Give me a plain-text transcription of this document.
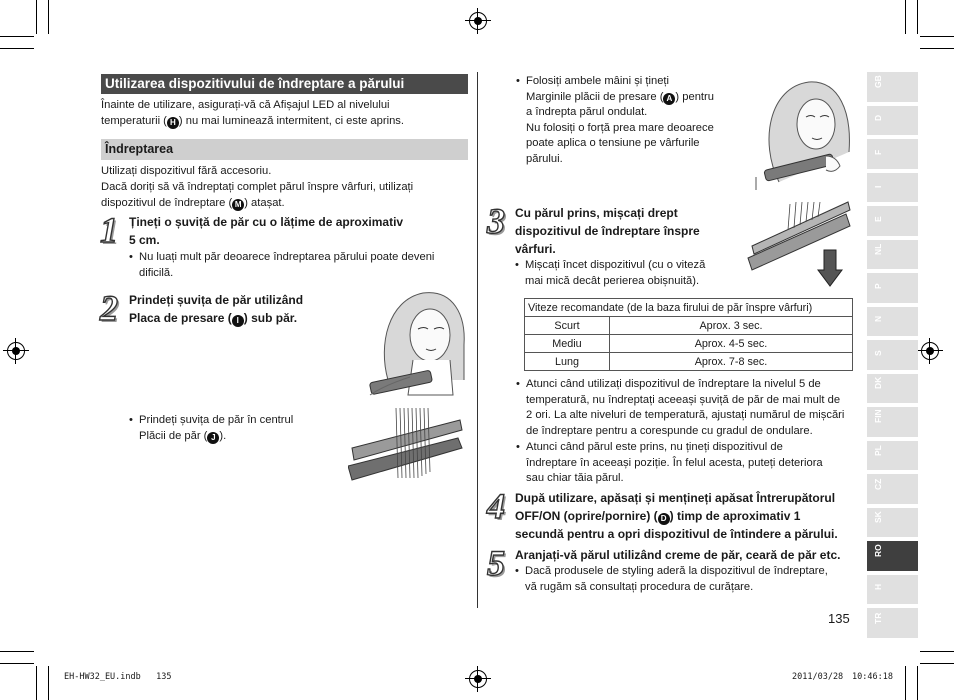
Utilizarea dispozitivului de îndreptare a părului
Înainte de utilizare, asigurați-vă că Afișajul LED al nivelului
temperaturii ( H ) nu mai luminează intermitent, ci este aprins.
Îndreptarea
Utilizați dispozitivul fără accesoriu.
Dacă doriți să vă îndreptați complet părul înspre vârfuri, utilizați
dispozitivul de îndreptare ( M ) atașat.
1 Țineți o șuviță de păr cu o lățime de aproximativ
5 cm.
• Nu luați mult păr deoarece îndreptarea părului poate deveni
dificilă.
2 Prindeți șuvița de păr utilizând
Placa de presare ( I ) sub păr.
• Prindeți șuvița de păr în centrul
Plăcii de păr ( J ).
• Folosiți ambele mâini și țineți
Marginile plăcii de presare ( A ) pentru
a îndrepta părul ondulat.
Nu folosiți o forță prea mare deoarece
poate aplica o tensiune pe vârfurile
părului.
3 Cu părul prins, mișcați drept
dispozitivul de îndreptare înspre
vârfuri.
• Mișcați încet dispozitivul (cu o viteză
mai mică decât perierea obișnuită).
Viteze recomandate (de la baza firului de păr înspre vârfuri)	
Scurt	Aprox. 3 sec.
Mediu	Aprox. 4-5 sec.
Lung	Aprox. 7-8 sec.
• Atunci când utilizați dispozitivul de îndreptare la nivelul 5 de
temperatură, nu îndreptați aceeași șuviță de păr de mai mult de
2 ori. La alte niveluri de temperatură, ajustați numărul de mișcări
de îndreptare pentru a corespunde cu gradul de ondulare.
• Atunci când părul este prins, nu țineți dispozitivul de
îndreptare în aceeași poziție. În felul acesta, puteți deteriora
sau chiar tăia părul.
4 După utilizare, apăsați și mențineți apăsat Întrerupătorul
OFF/ON (oprire/pornire) ( D ) timp de aproximativ 1
secundă pentru a opri dispozitivul de întindere a părului.
5 Aranjați-vă părul utilizând creme de păr, ceară de păr etc.
• Dacă produsele de styling aderă la dispozitivul de îndreptare,
vă rugăm să consultați procedura de curățare.
135
GB
D
F
I
E
NL
P
N
S
DK
FIN
PL
CZ
SK
RO
H
TR
EH-HW32_EU.indb   135	2011/03/28 10:46:18
